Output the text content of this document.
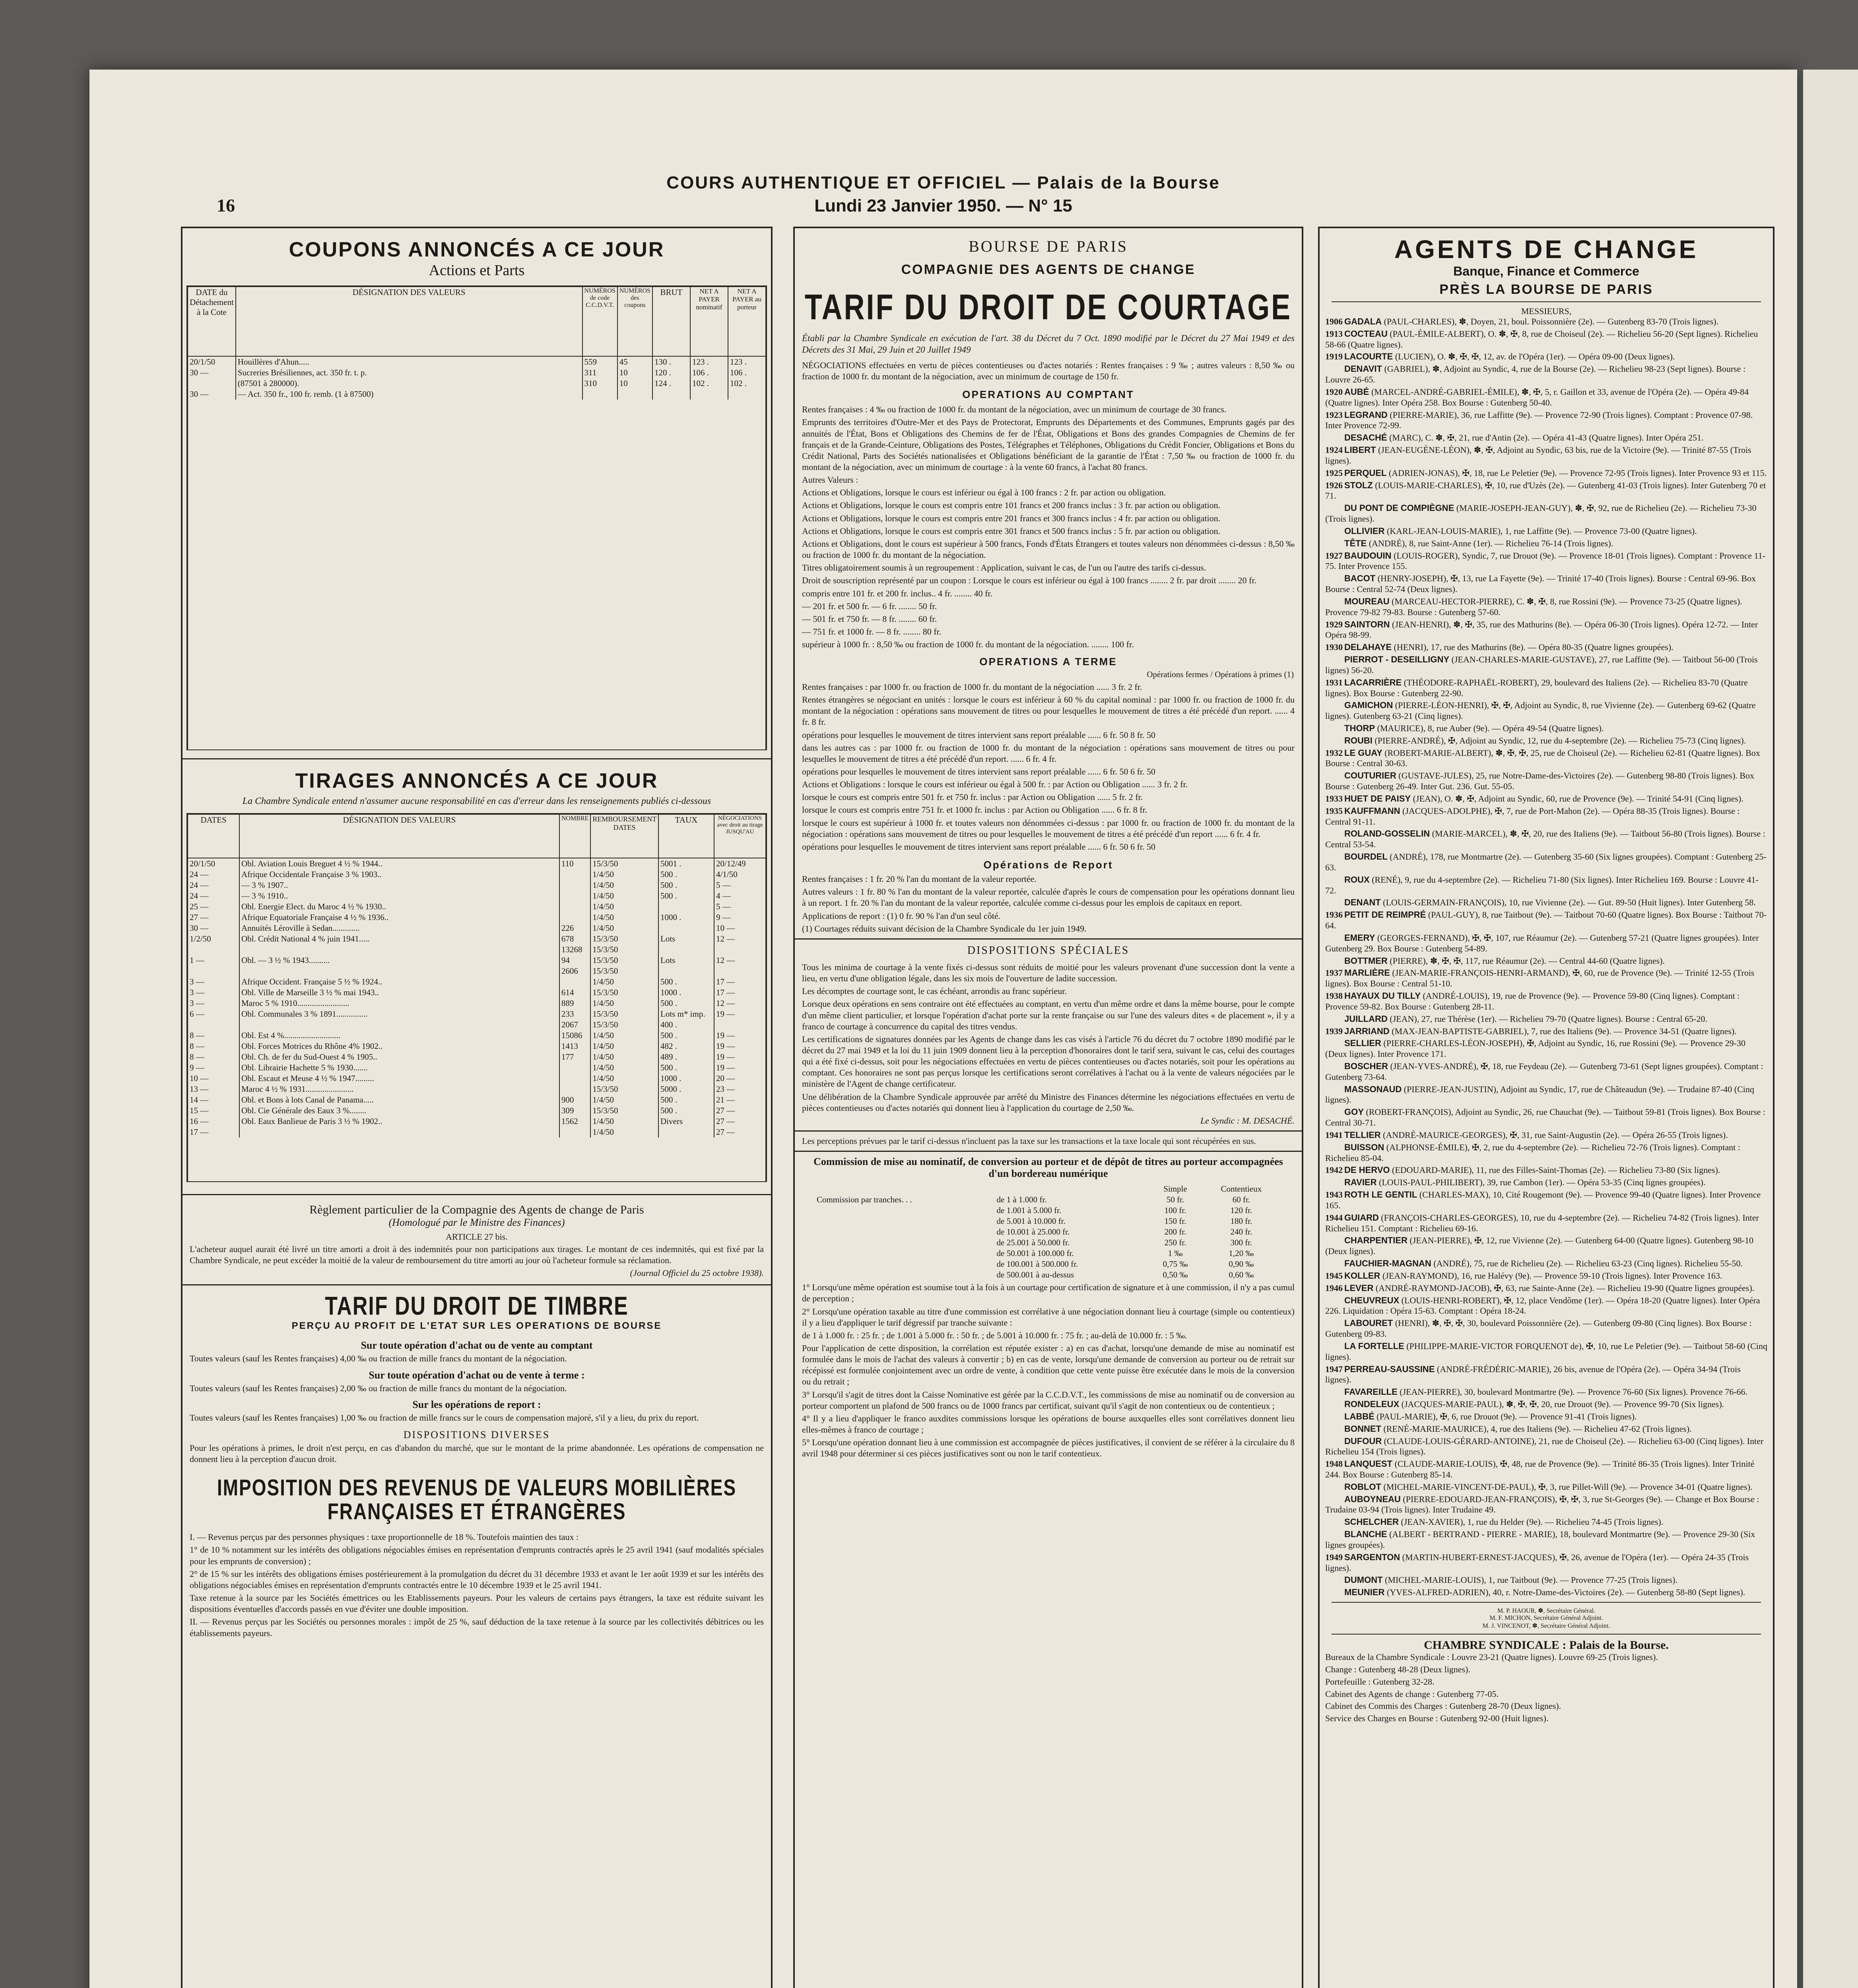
16
COURS AUTHENTIQUE ET OFFICIEL — Palais de la Bourse
Lundi 23 Janvier 1950. — N° 15
COUPONS ANNONCÉS A CE JOUR
Actions et Parts
DATE du Détachement à la Cote	DÉSIGNATION DES VALEURS	NUMÉROS de code C.C.D.V.T.	NUMÉROS des coupons	BRUT	NET A PAYER nominatif	NET A PAYER au porteur
20/1/50	Houillères d'Ahun.....	559	45	130 .	123 .	123 .
30 —	Sucreries Brésiliennes, act. 350 fr. t. p.	311	10	120 .	106 .	106 .
	(87501 à 280000).	310	10	124 .	102 .	102 .
30 —	— Act. 350 fr., 100 fr. remb. (1 à 87500)					
TIRAGES ANNONCÉS A CE JOUR
La Chambre Syndicale entend n'assumer aucune responsabilité en cas d'erreur dans les renseignements publiés ci-dessous
DATES	DÉSIGNATION DES VALEURS	NOMBRE	REMBOURSEMENT DATES	TAUX	NÉGOCIATIONS avec droit au tirage JUSQU'AU
20/1/50	Obl. Aviation Louis Breguet 4 ½ % 1944..	110	15/3/50	5001 .	20/12/49
24 —	Afrique Occidentale Française 3 % 1903..		1/4/50	500 .	4/1/50
24 —	— 3 % 1907..		1/4/50	500 .	5 —
24 —	— 3 % 1910..		1/4/50	500 .	4 —
25 —	Obl. Energie Elect. du Maroc 4 ½ % 1930..		1/4/50		5 —
27 —	Afrique Equatoriale Française 4 ½ % 1936..		1/4/50	1000 .	9 —
30 —	Annuités Léroville à Sedan.............	226	1/4/50		10 —
1/2/50	Obl. Crédit National 4 % juin 1941.....	678	15/3/50	Lots	12 —
		13268	15/3/50		
1 —	Obl. — 3 ½ % 1943..........	94	15/3/50	Lots	12 —
		2606	15/3/50		
3 —	Afrique Occident. Française 5 ½ % 1924..		1/4/50	500 .	17 —
3 —	Obl. Ville de Marseille 3 ½ % mai 1943..	614	15/3/50	1000 .	17 —
3 —	Maroc 5 % 1910.........................	889	1/4/50	500 .	12 —
6 —	Obl. Communales 3 % 1891...............	233	15/3/50	Lots m* imp.	19 —
		2067	15/3/50	400 .	
8 —	Obl. Est 4 %...........................	15086	1/4/50	500 .	19 —
8 —	Obl. Forces Motrices du Rhône 4% 1902..	1413	1/4/50	482 .	19 —
8 —	Obl. Ch. de fer du Sud-Ouest 4 % 1905..	177	1/4/50	489 .	19 —
9 —	Obl. Librairie Hachette 5 % 1930.......		1/4/50	500 .	19 —
10 —	Obl. Escaut et Meuse 4 ½ % 1947.........		1/4/50	1000 .	20 —
13 —	Maroc 4 ½ % 1931.......................		15/3/50	5000 .	23 —
14 —	Obl. et Bons à lots Canal de Panama.....	900	1/4/50	500 .	21 —
15 —	Obl. Cie Générale des Eaux 3 %........	309	15/3/50	500 .	27 —
16 —	Obl. Eaux Banlieue de Paris 3 ½ % 1902..	1562	1/4/50	Divers	27 —
17 —			1/4/50		27 —
Règlement particulier de la Compagnie des Agents de change de Paris
(Homologué par le Ministre des Finances)
ARTICLE 27 bis.
L'acheteur auquel aurait été livré un titre amorti a droit à des indemnités pour non participations aux tirages. Le montant de ces indemnités, qui est fixé par la Chambre Syndicale, ne peut excéder la moitié de la valeur de remboursement du titre amorti au jour où l'acheteur formule sa réclamation.
(Journal Officiel du 25 octobre 1938).
TARIF DU DROIT DE TIMBRE
PERÇU AU PROFIT DE L'ETAT SUR LES OPERATIONS DE BOURSE
Sur toute opération d'achat ou de vente au comptant
Toutes valeurs (sauf les Rentes françaises) 4,00 ‰ ou fraction de mille francs du montant de la négociation.
Sur toute opération d'achat ou de vente à terme :
Toutes valeurs (sauf les Rentes françaises) 2,00 ‰ ou fraction de mille francs du montant de la négociation.
Sur les opérations de report :
Toutes valeurs (sauf les Rentes françaises) 1,00 ‰ ou fraction de mille francs sur le cours de compensation majoré, s'il y a lieu, du prix du report.
DISPOSITIONS DIVERSES
Pour les opérations à primes, le droit n'est perçu, en cas d'abandon du marché, que sur le montant de la prime abandonnée. Les opérations de compensation ne donnent lieu à la perception d'aucun droit.
IMPOSITION DES REVENUS DE VALEURS MOBILIÈRES
FRANÇAISES ET ÉTRANGÈRES
I. — Revenus perçus par des personnes physiques : taxe proportionnelle de 18 %. Toutefois maintien des taux :
1° de 10 % notamment sur les intérêts des obligations négociables émises en représentation d'emprunts contractés après le 25 avril 1941 (sauf modalités spéciales pour les emprunts de conversion) ;
2° de 15 % sur les intérêts des obligations émises postérieurement à la promulgation du décret du 31 décembre 1933 et avant le 1er août 1939 et sur les intérêts des obligations négociables émises en représentation d'emprunts contractés entre le 10 décembre 1939 et le 25 avril 1941.
Taxe retenue à la source par les Sociétés émettrices ou les Etablissements payeurs. Pour les valeurs de certains pays étrangers, la taxe est réduite suivant les dispositions éventuelles d'accords passés en vue d'éviter une double imposition.
II. — Revenus perçus par les Sociétés ou personnes morales : impôt de 25 %, sauf déduction de la taxe retenue à la source par les collectivités débitrices ou les établissements payeurs.
BOURSE DE PARIS
COMPAGNIE DES AGENTS DE CHANGE
TARIF DU DROIT DE COURTAGE
Établi par la Chambre Syndicale en exécution de l'art. 38 du Décret du 7 Oct. 1890 modifié par le Décret du 27 Mai 1949 et des Décrets des 31 Mai, 29 Juin et 20 Juillet 1949
NÉGOCIATIONS effectuées en vertu de pièces contentieuses ou d'actes notariés : Rentes françaises : 9 ‰ ; autres valeurs : 8,50 ‰ ou fraction de 1000 fr. du montant de la négociation, avec un minimum de courtage de 150 fr.
OPERATIONS AU COMPTANT
Rentes françaises : 4 ‰ ou fraction de 1000 fr. du montant de la négociation, avec un minimum de courtage de 30 francs.
Emprunts des territoires d'Outre-Mer et des Pays de Protectorat, Emprunts des Départements et des Communes, Emprunts gagés par des annuités de l'État, Bons et Obligations des Chemins de fer de l'État, Obligations et Bons des grandes Compagnies de Chemins de fer français et de la Grande-Ceinture, Obligations des Postes, Télégraphes et Téléphones, Obligations du Crédit Foncier, Obligations et Bons du Crédit National, Parts des Sociétés nationalisées et Obligations bénéficiant de la garantie de l'État : 7,50 ‰ ou fraction de 1000 fr. du montant de la négociation, avec un minimum de courtage : à la vente 60 francs, à l'achat 80 francs.
Autres Valeurs :
Actions et Obligations, lorsque le cours est inférieur ou égal à 100 francs : 2 fr. par action ou obligation.
Actions et Obligations, lorsque le cours est compris entre 101 francs et 200 francs inclus : 3 fr. par action ou obligation.
Actions et Obligations, lorsque le cours est compris entre 201 francs et 300 francs inclus : 4 fr. par action ou obligation.
Actions et Obligations, lorsque le cours est compris entre 301 francs et 500 francs inclus : 5 fr. par action ou obligation.
Actions et Obligations, dont le cours est supérieur à 500 francs, Fonds d'États Étrangers et toutes valeurs non dénommées ci-dessus : 8,50 ‰ ou fraction de 1000 fr. du montant de la négociation.
Titres obligatoirement soumis à un regroupement : Application, suivant le cas, de l'un ou l'autre des tarifs ci-dessus.
Droit de souscription représenté par un coupon : Lorsque le cours est inférieur ou égal à 100 francs ........ 2 fr. par droit ........ 20 fr.
compris entre 101 fr. et 200 fr. inclus.. 4 fr. ........ 40 fr.
— 201 fr. et 500 fr. — 6 fr. ........ 50 fr.
— 501 fr. et 750 fr. — 8 fr. ........ 60 fr.
— 751 fr. et 1000 fr. — 8 fr. ........ 80 fr.
supérieur à 1000 fr. : 8,50 ‰ ou fraction de 1000 fr. du montant de la négociation. ........ 100 fr.
OPERATIONS A TERME
Opérations fermes / Opérations à primes (1)
Rentes françaises : par 1000 fr. ou fraction de 1000 fr. du montant de la négociation ...... 3 fr. 2 fr.
Rentes étrangères se négociant en unités : lorsque le cours est inférieur à 60 % du capital nominal : par 1000 fr. ou fraction de 1000 fr. du montant de la négociation : opérations sans mouvement de titres ou pour lesquelles le mouvement de titres a été précédé d'un report. ...... 4 fr. 8 fr.
opérations pour lesquelles le mouvement de titres intervient sans report préalable ...... 6 fr. 50 8 fr. 50
dans les autres cas : par 1000 fr. ou fraction de 1000 fr. du montant de la négociation : opérations sans mouvement de titres ou pour lesquelles le mouvement de titres a été précédé d'un report. ...... 6 fr. 4 fr.
opérations pour lesquelles le mouvement de titres intervient sans report préalable ...... 6 fr. 50 6 fr. 50
Actions et Obligations : lorsque le cours est inférieur ou égal à 500 fr. : par Action ou Obligation ...... 3 fr. 2 fr.
lorsque le cours est compris entre 501 fr. et 750 fr. inclus : par Action ou Obligation ...... 5 fr. 2 fr.
lorsque le cours est compris entre 751 fr. et 1000 fr. inclus : par Action ou Obligation ...... 6 fr. 8 fr.
lorsque le cours est supérieur à 1000 fr. et toutes valeurs non dénommées ci-dessus : par 1000 fr. ou fraction de 1000 fr. du montant de la négociation : opérations sans mouvement de titres ou pour lesquelles le mouvement de titres a été précédé d'un report ...... 6 fr. 4 fr.
opérations pour lesquelles le mouvement de titres intervient sans report préalable ...... 6 fr. 50 6 fr. 50
Opérations de Report
Rentes françaises : 1 fr. 20 % l'an du montant de la valeur reportée.
Autres valeurs : 1 fr. 80 % l'an du montant de la valeur reportée, calculée d'après le cours de compensation pour les opérations donnant lieu à un report. 1 fr. 20 % l'an du montant de la valeur reportée, calculée comme ci-dessus pour les emplois de capitaux en report.
Applications de report : (1) 0 fr. 90 % l'an d'un seul côté.
(1) Courtages réduits suivant décision de la Chambre Syndicale du 1er juin 1949.
DISPOSITIONS SPÉCIALES
Tous les minima de courtage à la vente fixés ci-dessus sont réduits de moitié pour les valeurs provenant d'une succession dont la vente a lieu, en vertu d'une obligation légale, dans les six mois de l'ouverture de ladite succession.
Les décomptes de courtage sont, le cas échéant, arrondis au franc supérieur.
Lorsque deux opérations en sens contraire ont été effectuées au comptant, en vertu d'un même ordre et dans la même bourse, pour le compte d'un même client particulier, et lorsque l'opération d'achat porte sur la rente française ou sur l'une des valeurs dites « de placement », il y a franco de courtage à concurrence du capital des titres vendus.
Les certifications de signatures données par les Agents de change dans les cas visés à l'article 76 du décret du 7 octobre 1890 modifié par le décret du 27 mai 1949 et la loi du 11 juin 1909 donnent lieu à la perception d'honoraires dont le tarif sera, suivant le cas, celui des courtages qui a été fixé ci-dessus, soit pour les négociations effectuées en vertu de pièces contentieuses ou d'actes notariés, soit pour les opérations au comptant. Ces honoraires ne sont pas perçus lorsque les certifications seront corrélatives à l'achat ou à la vente de valeurs négociées par le ministère de l'Agent de change certificateur.
Une délibération de la Chambre Syndicale approuvée par arrêté du Ministre des Finances détermine les négociations effectuées en vertu de pièces contentieuses ou d'actes notariés qui donnent lieu à l'application du courtage de 2,50 ‰.
Le Syndic : M. DESACHÉ.
Les perceptions prévues par le tarif ci-dessus n'incluent pas la taxe sur les transactions et la taxe locale qui sont récupérées en sus.
Commission de mise au nominatif, de conversion au porteur et de dépôt de titres au porteur accompagnées d'un bordereau numérique
		Simple	Contentieux
Commission par tranches. . .	de 1 à 1.000 fr.	50 fr.	60 fr.
	de 1.001 à 5.000 fr.	100 fr.	120 fr.
	de 5.001 à 10.000 fr.	150 fr.	180 fr.
	de 10.001 à 25.000 fr.	200 fr.	240 fr.
	de 25.001 à 50.000 fr.	250 fr.	300 fr.
	de 50.001 à 100.000 fr.	1 ‰	1,20 ‰
	de 100.001 à 500.000 fr.	0,75 ‰	0,90 ‰
	de 500.001 à au-dessus	0,50 ‰	0,60 ‰
1° Lorsqu'une même opération est soumise tout à la fois à un courtage pour certification de signature et à une commission, il n'y a pas cumul de perception ;
2° Lorsqu'une opération taxable au titre d'une commission est corrélative à une négociation donnant lieu à courtage (simple ou contentieux) il y a lieu d'appliquer le tarif dégressif par tranche suivante :
de 1 à 1.000 fr. : 25 fr. ; de 1.001 à 5.000 fr. : 50 fr. ; de 5.001 à 10.000 fr. : 75 fr. ; au-delà de 10.000 fr. : 5 ‰.
Pour l'application de cette disposition, la corrélation est réputée exister : a) en cas d'achat, lorsqu'une demande de mise au nominatif est formulée dans le mois de l'achat des valeurs à convertir ; b) en cas de vente, lorsqu'une demande de conversion au porteur ou de retrait sur récépissé est formulée conjointement avec un ordre de vente, à condition que cette vente puisse être exécutée dans le mois de la conversion ou du retrait ;
3° Lorsqu'il s'agit de titres dont la Caisse Nominative est gérée par la C.C.D.V.T., les commissions de mise au nominatif ou de conversion au porteur comportent un plafond de 500 francs ou de 1000 francs par certificat, suivant qu'il s'agit de non contentieux ou de contentieux ;
4° Il y a lieu d'appliquer le franco auxdites commissions lorsque les opérations de bourse auxquelles elles sont corrélatives donnent lieu elles-mêmes à franco de courtage ;
5° Lorsqu'une opération donnant lieu à une commission est accompagnée de pièces justificatives, il convient de se référer à la circulaire du 8 avril 1948 pour déterminer si ces pièces justificatives sont ou non le tarif contentieux.
AGENTS DE CHANGE
Banque, Finance et Commerce
PRÈS LA BOURSE DE PARIS
MESSIEURS,
1906 GADALA (PAUL-CHARLES), ✽, Doyen, 21, boul. Poissonnière (2e). — Gutenberg 83-70 (Trois lignes).
1913 COCTEAU (PAUL-ÉMILE-ALBERT), O. ✽, ✠, 8, rue de Choiseul (2e). — Richelieu 56-20 (Sept lignes). Richelieu 58-66 (Quatre lignes).
1919 LACOURTE (LUCIEN), O. ✽, ✠, ✠, 12, av. de l'Opéra (1er). — Opéra 09-00 (Deux lignes).
DENAVIT (GABRIEL), ✽, Adjoint au Syndic, 4, rue de la Bourse (2e). — Richelieu 98-23 (Sept lignes). Bourse : Louvre 26-65.
1920 AUBÉ (MARCEL-ANDRÉ-GABRIEL-ÉMILE), ✽, ✠, 5, r. Gaillon et 33, avenue de l'Opéra (2e). — Opéra 49-84 (Quatre lignes). Inter Opéra 258. Box Bourse : Gutenberg 50-40.
1923 LEGRAND (PIERRE-MARIE), 36, rue Laffitte (9e). — Provence 72-90 (Trois lignes). Comptant : Provence 07-98. Inter Provence 72-99.
DESACHÉ (MARC), C. ✽, ✠, 21, rue d'Antin (2e). — Opéra 41-43 (Quatre lignes). Inter Opéra 251.
1924 LIBERT (JEAN-EUGÈNE-LÉON), ✽, ✠, Adjoint au Syndic, 63 bis, rue de la Victoire (9e). — Trinité 87-55 (Trois lignes).
1925 PERQUEL (ADRIEN-JONAS), ✠, 18, rue Le Peletier (9e). — Provence 72-95 (Trois lignes). Inter Provence 93 et 115.
1926 STOLZ (LOUIS-MARIE-CHARLES), ✠, 10, rue d'Uzès (2e). — Gutenberg 41-03 (Trois lignes). Inter Gutenberg 70 et 71.
DU PONT DE COMPIÈGNE (MARIE-JOSEPH-JEAN-GUY), ✽, ✠, 92, rue de Richelieu (2e). — Richelieu 73-30 (Trois lignes).
OLLIVIER (KARL-JEAN-LOUIS-MARIE), 1, rue Laffitte (9e). — Provence 73-00 (Quatre lignes).
TÊTE (ANDRÉ), 8, rue Saint-Anne (1er). — Richelieu 76-14 (Trois lignes).
1927 BAUDOUIN (LOUIS-ROGER), Syndic, 7, rue Drouot (9e). — Provence 18-01 (Trois lignes). Comptant : Provence 11-75. Inter Provence 155.
BACOT (HENRY-JOSEPH), ✠, 13, rue La Fayette (9e). — Trinité 17-40 (Trois lignes). Bourse : Central 69-96. Box Bourse : Central 52-74 (Deux lignes).
MOUREAU (MARCEAU-HECTOR-PIERRE), C. ✽, ✠, 8, rue Rossini (9e). — Provence 73-25 (Quatre lignes). Provence 79-82 79-83. Bourse : Gutenberg 57-60.
1929 SAINTORN (JEAN-HENRI), ✽, ✠, 35, rue des Mathurins (8e). — Opéra 06-30 (Trois lignes). Opéra 12-72. — Inter Opéra 98-99.
1930 DELAHAYE (HENRI), 17, rue des Mathurins (8e). — Opéra 80-35 (Quatre lignes groupées).
PIERROT - DESEILLIGNY (JEAN-CHARLES-MARIE-GUSTAVE), 27, rue Laffitte (9e). — Taitbout 56-00 (Trois lignes) 56-20.
1931 LACARRIÈRE (THÉODORE-RAPHAËL-ROBERT), 29, boulevard des Italiens (2e). — Richelieu 83-70 (Quatre lignes). Box Bourse : Gutenberg 22-90.
GAMICHON (PIERRE-LÉON-HENRI), ✠, ✠, Adjoint au Syndic, 8, rue Vivienne (2e). — Gutenberg 69-62 (Quatre lignes). Gutenberg 63-21 (Cinq lignes).
THORP (MAURICE), 8, rue Auber (9e). — Opéra 49-54 (Quatre lignes).
ROUBI (PIERRE-ANDRÉ), ✠, Adjoint au Syndic, 12, rue du 4-septembre (2e). — Richelieu 75-73 (Cinq lignes).
1932 LE GUAY (ROBERT-MARIE-ALBERT), ✽, ✠, ✠, 25, rue de Choiseul (2e). — Richelieu 62-81 (Quatre lignes). Box Bourse : Central 30-63.
COUTURIER (GUSTAVE-JULES), 25, rue Notre-Dame-des-Victoires (2e). — Gutenberg 98-80 (Trois lignes). Box Bourse : Gutenberg 26-49. Inter Gut. 236. Gut. 55-05.
1933 HUET DE PAISY (JEAN), O. ✽, ✠, Adjoint au Syndic, 60, rue de Provence (9e). — Trinité 54-91 (Cinq lignes).
1935 KAUFFMANN (JACQUES-ADOLPHE), ✠, 7, rue de Port-Mahon (2e). — Opéra 88-35 (Trois lignes). Bourse : Central 91-11.
ROLAND-GOSSELIN (MARIE-MARCEL), ✽, ✠, 20, rue des Italiens (9e). — Taitbout 56-80 (Trois lignes). Bourse : Central 53-54.
BOURDEL (ANDRÉ), 178, rue Montmartre (2e). — Gutenberg 35-60 (Six lignes groupées). Comptant : Gutenberg 25-63.
ROUX (RENÉ), 9, rue du 4-septembre (2e). — Richelieu 71-80 (Six lignes). Inter Richelieu 169. Bourse : Louvre 41-72.
DENANT (LOUIS-GERMAIN-FRANÇOIS), 10, rue Vivienne (2e). — Gut. 89-50 (Huit lignes). Inter Gutenberg 58.
1936 PETIT DE REIMPRÉ (PAUL-GUY), 8, rue Taitbout (9e). — Taitbout 70-60 (Quatre lignes). Box Bourse : Taitbout 70-64.
EMERY (GEORGES-FERNAND), ✠, ✠, 107, rue Réaumur (2e). — Gutenberg 57-21 (Quatre lignes groupées). Inter Gutenberg 29. Box Bourse : Gutenberg 54-89.
BOTTMER (PIERRE), ✽, ✠, ✠, 117, rue Réaumur (2e). — Central 44-60 (Quatre lignes).
1937 MARLIÈRE (JEAN-MARIE-FRANÇOIS-HENRI-ARMAND), ✠, 60, rue de Provence (9e). — Trinité 12-55 (Trois lignes). Box Bourse : Central 51-10.
1938 HAYAUX DU TILLY (ANDRÉ-LOUIS), 19, rue de Provence (9e). — Provence 59-80 (Cinq lignes). Comptant : Provence 59-82. Box Bourse : Gutenberg 28-11.
JUILLARD (JEAN), 27, rue Thérèse (1er). — Richelieu 79-70 (Quatre lignes). Bourse : Central 65-20.
1939 JARRIAND (MAX-JEAN-BAPTISTE-GABRIEL), 7, rue des Italiens (9e). — Provence 34-51 (Quatre lignes).
SELLIER (PIERRE-CHARLES-LÉON-JOSEPH), ✠, Adjoint au Syndic, 16, rue Rossini (9e). — Provence 29-30 (Deux lignes). Inter Provence 171.
BOSCHER (JEAN-YVES-ANDRÉ), ✠, 18, rue Feydeau (2e). — Gutenberg 73-61 (Sept lignes groupées). Comptant : Gutenberg 73-64.
MASSONAUD (PIERRE-JEAN-JUSTIN), Adjoint au Syndic, 17, rue de Châteaudun (9e). — Trudaine 87-40 (Cinq lignes).
GOY (ROBERT-FRANÇOIS), Adjoint au Syndic, 26, rue Chauchat (9e). — Taitbout 59-81 (Trois lignes). Box Bourse : Central 30-71.
1941 TELLIER (ANDRÉ-MAURICE-GEORGES), ✠, 31, rue Saint-Augustin (2e). — Opéra 26-55 (Trois lignes).
BUISSON (ALPHONSE-ÉMILE), ✠, 2, rue du 4-septembre (2e). — Richelieu 72-76 (Trois lignes). Comptant : Richelieu 85-04.
1942 DE HERVO (EDOUARD-MARIE), 11, rue des Filles-Saint-Thomas (2e). — Richelieu 73-80 (Six lignes).
RAVIER (LOUIS-PAUL-PHILIBERT), 39, rue Cambon (1er). — Opéra 53-35 (Cinq lignes groupées).
1943 ROTH LE GENTIL (CHARLES-MAX), 10, Cité Rougemont (9e). — Provence 99-40 (Quatre lignes). Inter Provence 165.
1944 GUIARD (FRANÇOIS-CHARLES-GEORGES), 10, rue du 4-septembre (2e). — Richelieu 74-82 (Trois lignes). Inter Richelieu 151. Comptant : Richelieu 69-16.
CHARPENTIER (JEAN-PIERRE), ✠, 12, rue Vivienne (2e). — Gutenberg 64-00 (Quatre lignes). Gutenberg 98-10 (Deux lignes).
FAUCHIER-MAGNAN (ANDRÉ), 75, rue de Richelieu (2e). — Richelieu 63-23 (Cinq lignes). Richelieu 55-50.
1945 KOLLER (JEAN-RAYMOND), 16, rue Halévy (9e). — Provence 59-10 (Trois lignes). Inter Provence 163.
1946 LEVER (ANDRÉ-RAYMOND-JACOB), ✠, 63, rue Sainte-Anne (2e). — Richelieu 19-90 (Quatre lignes groupées).
CHEUVREUX (LOUIS-HENRI-ROBERT), ✠, 12, place Vendôme (1er). — Opéra 18-20 (Quatre lignes). Inter Opéra 226. Liquidation : Opéra 15-63. Comptant : Opéra 18-24.
LABOURET (HENRI), ✽, ✠, ✠, 30, boulevard Poissonnière (2e). — Gutenberg 09-80 (Cinq lignes). Box Bourse : Gutenberg 09-83.
LA FORTELLE (PHILIPPE-MARIE-VICTOR FORQUENOT de), ✠, 10, rue Le Peletier (9e). — Taitbout 58-60 (Cinq lignes).
1947 PERREAU-SAUSSINE (ANDRÉ-FRÉDÉRIC-MARIE), 26 bis, avenue de l'Opéra (2e). — Opéra 34-94 (Trois lignes).
FAVAREILLE (JEAN-PIERRE), 30, boulevard Montmartre (9e). — Provence 76-60 (Six lignes). Provence 76-66.
RONDELEUX (JACQUES-MARIE-PAUL), ✽, ✠, ✠, 20, rue Drouot (9e). — Provence 99-70 (Six lignes).
LABBÉ (PAUL-MARIE), ✠, 6, rue Drouot (9e). — Provence 91-41 (Trois lignes).
BONNET (RENÉ-MARIE-MAURICE), 4, rue des Italiens (9e). — Richelieu 47-62 (Trois lignes).
DUFOUR (CLAUDE-LOUIS-GÉRARD-ANTOINE), 21, rue de Choiseul (2e). — Richelieu 63-00 (Cinq lignes). Inter Richelieu 154 (Trois lignes).
1948 LANQUEST (CLAUDE-MARIE-LOUIS), ✠, 48, rue de Provence (9e). — Trinité 86-35 (Trois lignes). Inter Trinité 244. Box Bourse : Gutenberg 85-14.
ROBLOT (MICHEL-MARIE-VINCENT-DE-PAUL), ✠, 3, rue Pillet-Will (9e). — Provence 34-01 (Quatre lignes).
AUBOYNEAU (PIERRE-EDOUARD-JEAN-FRANÇOIS), ✠, ✠, 3, rue St-Georges (9e). — Change et Box Bourse : Trudaine 03-94 (Trois lignes). Inter Trudaine 49.
SCHELCHER (JEAN-XAVIER), 1, rue du Helder (9e). — Richelieu 74-45 (Trois lignes).
BLANCHE (ALBERT - BERTRAND - PIERRE - MARIE), 18, boulevard Montmartre (9e). — Provence 29-30 (Six lignes groupées).
1949 SARGENTON (MARTIN-HUBERT-ERNEST-JACQUES), ✠, 26, avenue de l'Opéra (1er). — Opéra 24-35 (Trois lignes).
DUMONT (MICHEL-MARIE-LOUIS), 1, rue Taitbout (9e). — Provence 77-25 (Trois lignes).
MEUNIER (YVES-ALFRED-ADRIEN), 40, r. Notre-Dame-des-Victoires (2e). — Gutenberg 58-80 (Sept lignes).
M. P. HAOUR, ✽, Secrétaire Général.
M. F. MICHON, Secrétaire Général Adjoint.
M. J. VINCENOT, ✽, Secrétaire Général Adjoint.
CHAMBRE SYNDICALE : Palais de la Bourse.
Bureaux de la Chambre Syndicale : Louvre 23-21 (Quatre lignes). Louvre 69-25 (Trois lignes).
Change : Gutenberg 48-28 (Deux lignes).
Portefeuille : Gutenberg 32-28.
Cabinet des Agents de change : Gutenberg 77-05.
Cabinet des Commis des Charges : Gutenberg 28-70 (Deux lignes).
Service des Charges en Bourse : Gutenberg 92-00 (Huit lignes).
